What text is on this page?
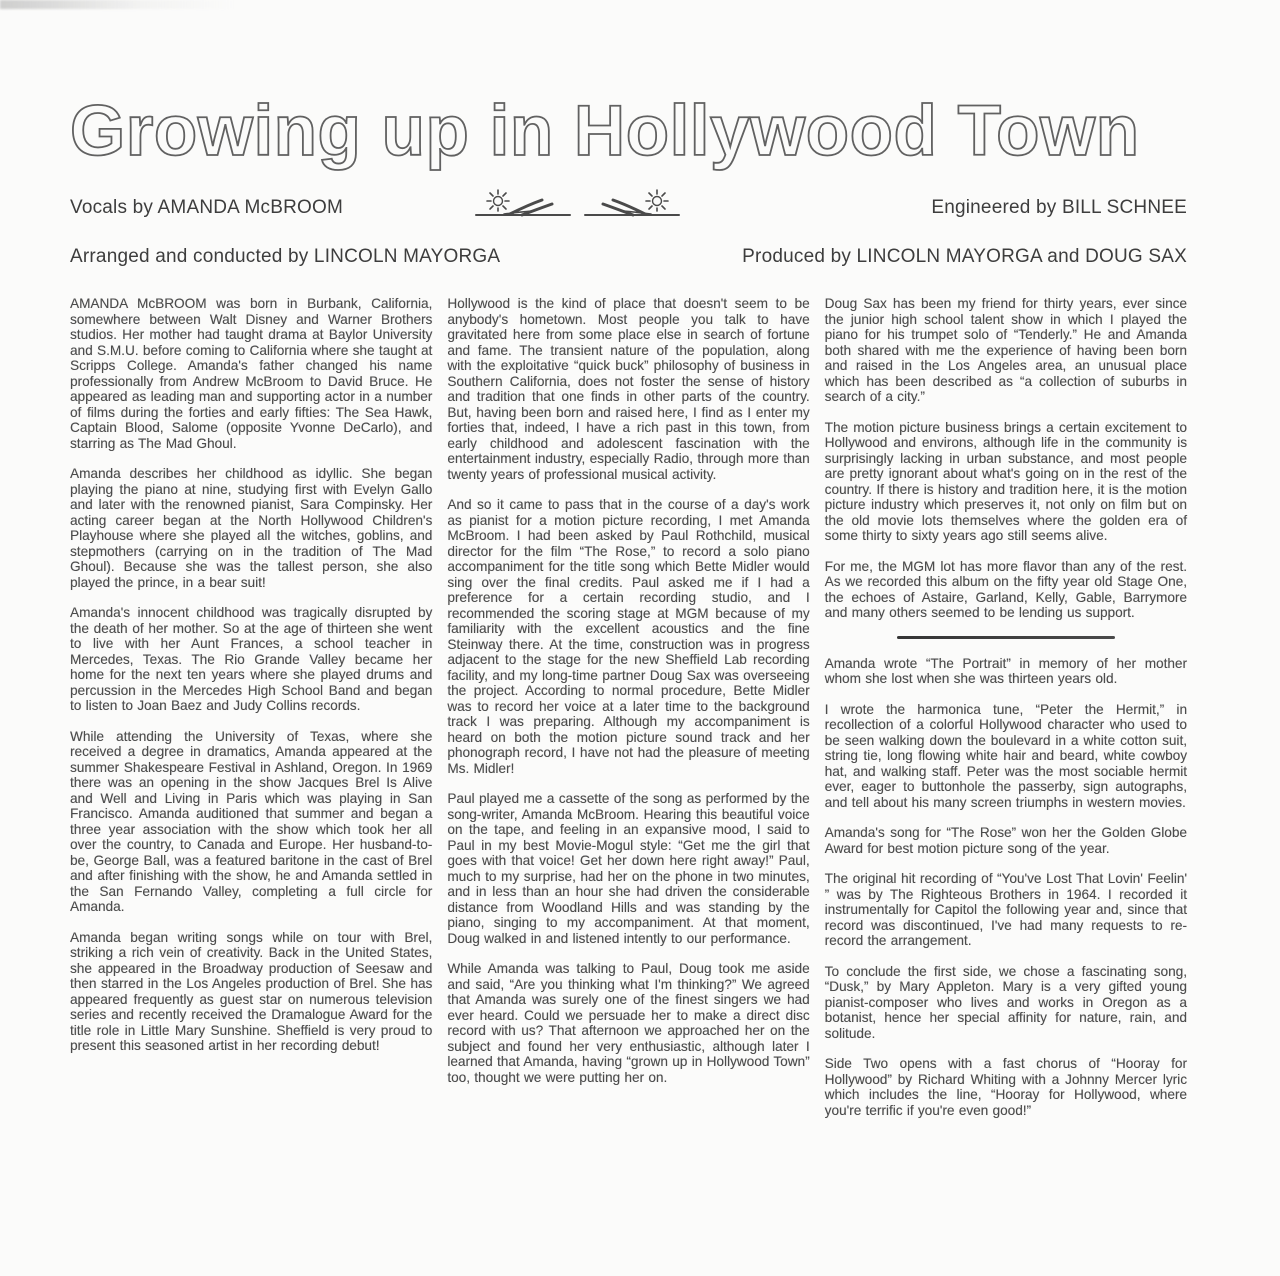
Growing up in Hollywood Town
Vocals by AMANDA McBROOM	Engineered by BILL SCHNEE
Arranged and conducted by LINCOLN MAYORGA	Produced by LINCOLN MAYORGA and DOUG SAX

AMANDA McBROOM was born in Burbank, California, somewhere between Walt Disney and Warner Brothers studios. Her mother had taught drama at Baylor University and S.M.U. before coming to California where she taught at Scripps College. Amanda's father changed his name professionally from Andrew McBroom to David Bruce. He appeared as leading man and supporting actor in a number of films during the forties and early fifties: The Sea Hawk, Captain Blood, Salome (opposite Yvonne DeCarlo), and starring as The Mad Ghoul.

Amanda describes her childhood as idyllic. She began playing the piano at nine, studying first with Evelyn Gallo and later with the renowned pianist, Sara Compinsky. Her acting career began at the North Hollywood Children's Playhouse where she played all the witches, goblins, and stepmothers (carrying on in the tradition of The Mad Ghoul). Because she was the tallest person, she also played the prince, in a bear suit!

Amanda's innocent childhood was tragically disrupted by the death of her mother. So at the age of thirteen she went to live with her Aunt Frances, a school teacher in Mercedes, Texas. The Rio Grande Valley became her home for the next ten years where she played drums and percussion in the Mercedes High School Band and began to listen to Joan Baez and Judy Collins records.

While attending the University of Texas, where she received a degree in dramatics, Amanda appeared at the summer Shakespeare Festival in Ashland, Oregon. In 1969 there was an opening in the show Jacques Brel Is Alive and Well and Living in Paris which was playing in San Francisco. Amanda auditioned that summer and began a three year association with the show which took her all over the country, to Canada and Europe. Her husband-to-be, George Ball, was a featured baritone in the cast of Brel and after finishing with the show, he and Amanda settled in the San Fernando Valley, completing a full circle for Amanda.

Amanda began writing songs while on tour with Brel, striking a rich vein of creativity. Back in the United States, she appeared in the Broadway production of Seesaw and then starred in the Los Angeles production of Brel. She has appeared frequently as guest star on numerous television series and recently received the Dramalogue Award for the title role in Little Mary Sunshine. Sheffield is very proud to present this seasoned artist in her recording debut!

Hollywood is the kind of place that doesn't seem to be anybody's hometown. Most people you talk to have gravitated here from some place else in search of fortune and fame. The transient nature of the population, along with the exploitative “quick buck” philosophy of business in Southern California, does not foster the sense of history and tradition that one finds in other parts of the country. But, having been born and raised here, I find as I enter my forties that, indeed, I have a rich past in this town, from early childhood and adolescent fascination with the entertainment industry, especially Radio, through more than twenty years of professional musical activity.

And so it came to pass that in the course of a day's work as pianist for a motion picture recording, I met Amanda McBroom. I had been asked by Paul Rothchild, musical director for the film “The Rose,” to record a solo piano accompaniment for the title song which Bette Midler would sing over the final credits. Paul asked me if I had a preference for a certain recording studio, and I recommended the scoring stage at MGM because of my familiarity with the excellent acoustics and the fine Steinway there. At the time, construction was in progress adjacent to the stage for the new Sheffield Lab recording facility, and my long-time partner Doug Sax was overseeing the project. According to normal procedure, Bette Midler was to record her voice at a later time to the background track I was preparing. Although my accompaniment is heard on both the motion picture sound track and her phonograph record, I have not had the pleasure of meeting Ms. Midler!

Paul played me a cassette of the song as performed by the song-writer, Amanda McBroom. Hearing this beautiful voice on the tape, and feeling in an expansive mood, I said to Paul in my best Movie-Mogul style: “Get me the girl that goes with that voice! Get her down here right away!” Paul, much to my surprise, had her on the phone in two minutes, and in less than an hour she had driven the considerable distance from Woodland Hills and was standing by the piano, singing to my accompaniment. At that moment, Doug walked in and listened intently to our performance.

While Amanda was talking to Paul, Doug took me aside and said, “Are you thinking what I'm thinking?” We agreed that Amanda was surely one of the finest singers we had ever heard. Could we persuade her to make a direct disc record with us? That afternoon we approached her on the subject and found her very enthusiastic, although later I learned that Amanda, having “grown up in Hollywood Town” too, thought we were putting her on.

Doug Sax has been my friend for thirty years, ever since the junior high school talent show in which I played the piano for his trumpet solo of “Tenderly.” He and Amanda both shared with me the experience of having been born and raised in the Los Angeles area, an unusual place which has been described as “a collection of suburbs in search of a city.”

The motion picture business brings a certain excitement to Hollywood and environs, although life in the community is surprisingly lacking in urban substance, and most people are pretty ignorant about what's going on in the rest of the country. If there is history and tradition here, it is the motion picture industry which preserves it, not only on film but on the old movie lots themselves where the golden era of some thirty to sixty years ago still seems alive.

For me, the MGM lot has more flavor than any of the rest. As we recorded this album on the fifty year old Stage One, the echoes of Astaire, Garland, Kelly, Gable, Barrymore and many others seemed to be lending us support.

Amanda wrote “The Portrait” in memory of her mother whom she lost when she was thirteen years old.

I wrote the harmonica tune, “Peter the Hermit,” in recollection of a colorful Hollywood character who used to be seen walking down the boulevard in a white cotton suit, string tie, long flowing white hair and beard, white cowboy hat, and walking staff. Peter was the most sociable hermit ever, eager to buttonhole the passerby, sign autographs, and tell about his many screen triumphs in western movies.

Amanda's song for “The Rose” won her the Golden Globe Award for best motion picture song of the year.

The original hit recording of “You've Lost That Lovin' Feelin' ” was by The Righteous Brothers in 1964. I recorded it instrumentally for Capitol the following year and, since that record was discontinued, I've had many requests to re-record the arrangement.

To conclude the first side, we chose a fascinating song, “Dusk,” by Mary Appleton. Mary is a very gifted young pianist-composer who lives and works in Oregon as a botanist, hence her special affinity for nature, rain, and solitude.

Side Two opens with a fast chorus of “Hooray for Hollywood” by Richard Whiting with a Johnny Mercer lyric which includes the line, “Hooray for Hollywood, where you're terrific if you're even good!”
